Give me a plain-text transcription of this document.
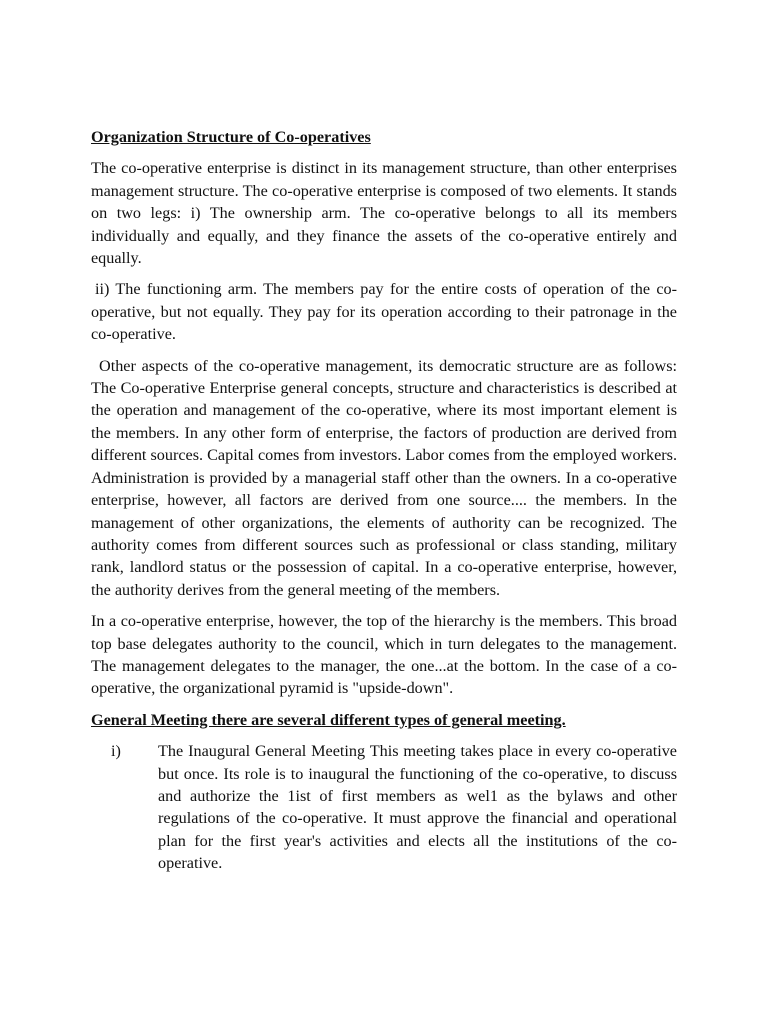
Organization Structure of Co-operatives
The co-operative enterprise is distinct in its management structure, than other enterprises management structure. The co-operative enterprise is composed of two elements. It stands on two legs: i) The ownership arm. The co-operative belongs to all its members individually and equally, and they finance the assets of the co-operative entirely and equally.
ii) The functioning arm. The members pay for the entire costs of operation of the co-operative, but not equally. They pay for its operation according to their patronage in the co-operative.
Other aspects of the co-operative management, its democratic structure are as follows: The Co-operative Enterprise general concepts, structure and characteristics is described at the operation and management of the co-operative, where its most important element is the members. In any other form of enterprise, the factors of production are derived from different sources. Capital comes from investors. Labor comes from the employed workers. Administration is provided by a managerial staff other than the owners. In a co-operative enterprise, however, all factors are derived from one source.... the members. In the management of other organizations, the elements of authority can be recognized. The authority comes from different sources such as professional or class standing, military rank, landlord status or the possession of capital. In a co-operative enterprise, however, the authority derives from the general meeting of the members.
In a co-operative enterprise, however, the top of the hierarchy is the members. This broad top base delegates authority to the council, which in turn delegates to the management. The management delegates to the manager, the one...at the bottom. In the case of a co-operative, the organizational pyramid is "upside-down".
General Meeting there are several different types of general meeting.
i)	The Inaugural General Meeting This meeting takes place in every co-operative but once. Its role is to inaugural the functioning of the co-operative, to discuss and authorize the 1ist of first members as wel1 as the bylaws and other regulations of the co-operative. It must approve the financial and operational plan for the first year's activities and elects all the institutions of the co-operative.
